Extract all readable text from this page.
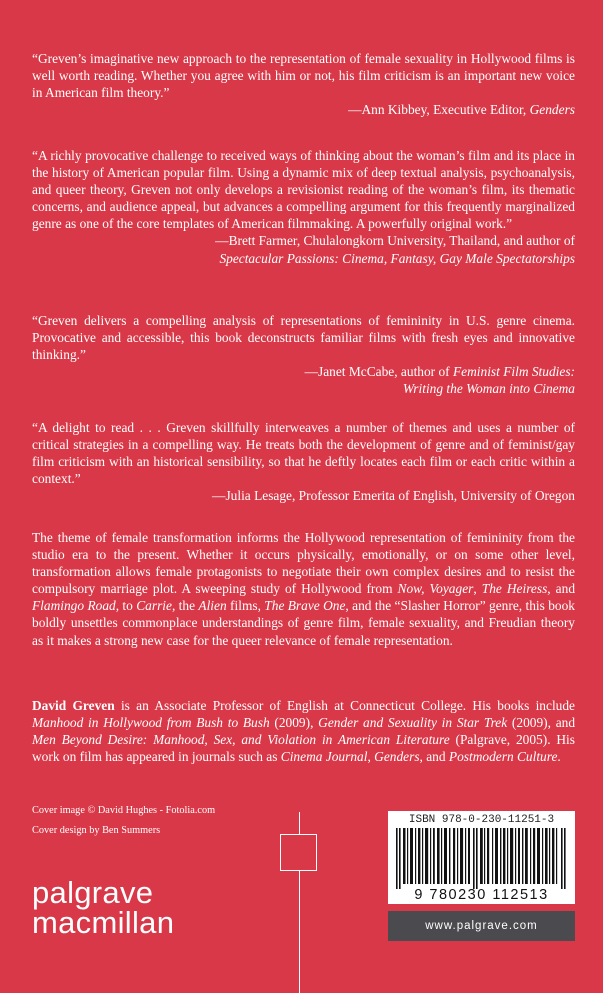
“Greven’s imaginative new approach to the representation of female sexuality in Hollywood films is well worth reading. Whether you agree with him or not, his film criticism is an important new voice in American film theory.”

—Ann Kibbey, Executive Editor, Genders

“A richly provocative challenge to received ways of thinking about the woman’s film and its place in the history of American popular film. Using a dynamic mix of deep textual analysis, psychoanalysis, and queer theory, Greven not only develops a revisionist reading of the woman’s film, its thematic concerns, and audience appeal, but advances a compelling argument for this frequently marginalized genre as one of the core templates of American filmmaking. A powerfully original work.”

—Brett Farmer, Chulalongkorn University, Thailand, and author of
Spectacular Passions: Cinema, Fantasy, Gay Male Spectatorships

“Greven delivers a compelling analysis of representations of femininity in U.S. genre cinema. Provocative and accessible, this book deconstructs familiar films with fresh eyes and innovative thinking.”

—Janet McCabe, author of Feminist Film Studies:
Writing the Woman into Cinema

“A delight to read . . . Greven skillfully interweaves a number of themes and uses a number of critical strategies in a compelling way. He treats both the development of genre and of feminist/gay film criticism with an historical sensibility, so that he deftly locates each film or each critic within a context.”

—Julia Lesage, Professor Emerita of English, University of Oregon

The theme of female transformation informs the Hollywood representation of femininity from the studio era to the present. Whether it occurs physically, emotionally, or on some other level, transformation allows female protagonists to negotiate their own complex desires and to resist the compulsory marriage plot. A sweeping study of Hollywood from Now, Voyager, The Heiress, and Flamingo Road, to Carrie, the Alien films, The Brave One, and the “Slasher Horror” genre, this book boldly unsettles commonplace understandings of genre film, female sexuality, and Freudian theory as it makes a strong new case for the queer relevance of female representation.

David Greven is an Associate Professor of English at Connecticut College. His books include Manhood in Hollywood from Bush to Bush (2009), Gender and Sexuality in Star Trek (2009), and Men Beyond Desire: Manhood, Sex, and Violation in American Literature (Palgrave, 2005). His work on film has appeared in journals such as Cinema Journal, Genders, and Postmodern Culture.

Cover image © David Hughes - Fotolia.com
Cover design by Ben Summers
palgrave
macmillan
ISBN 978-0-230-11251-3
9 780230 112513
www.palgrave.com
